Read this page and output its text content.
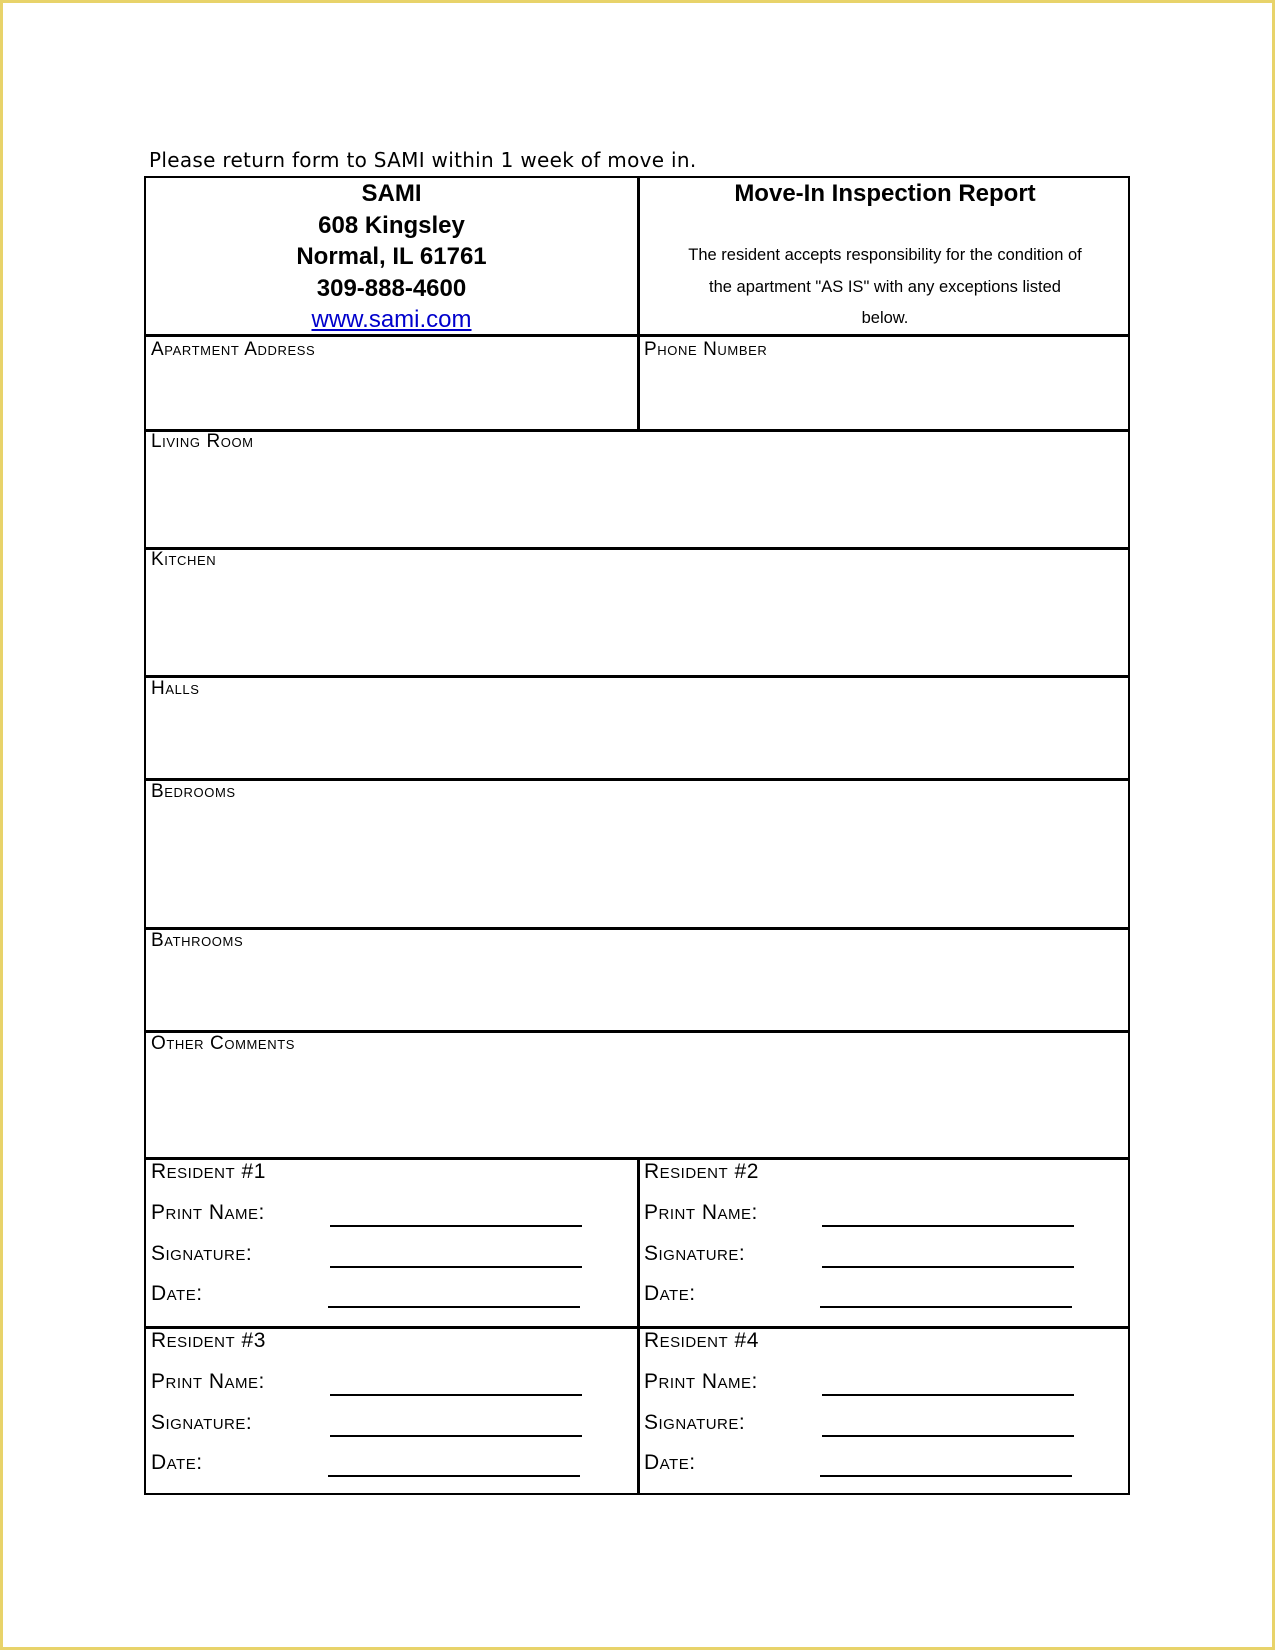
Please return form to SAMI within 1 week of move in.
SAMI
608 Kingsley
Normal, IL 61761
309-888-4600
www.sami.com
Move-In Inspection Report
The resident accepts responsibility for the condition of the apartment "AS IS" with any exceptions listed below.
Apartment Address	Phone Number
Living Room
Kitchen
Halls
Bedrooms
Bathrooms
Other Comments
Resident #1
Print Name:
Signature:
Date:
Resident #2
Print Name:
Signature:
Date:
Resident #3
Print Name:
Signature:
Date:
Resident #4
Print Name:
Signature:
Date:
